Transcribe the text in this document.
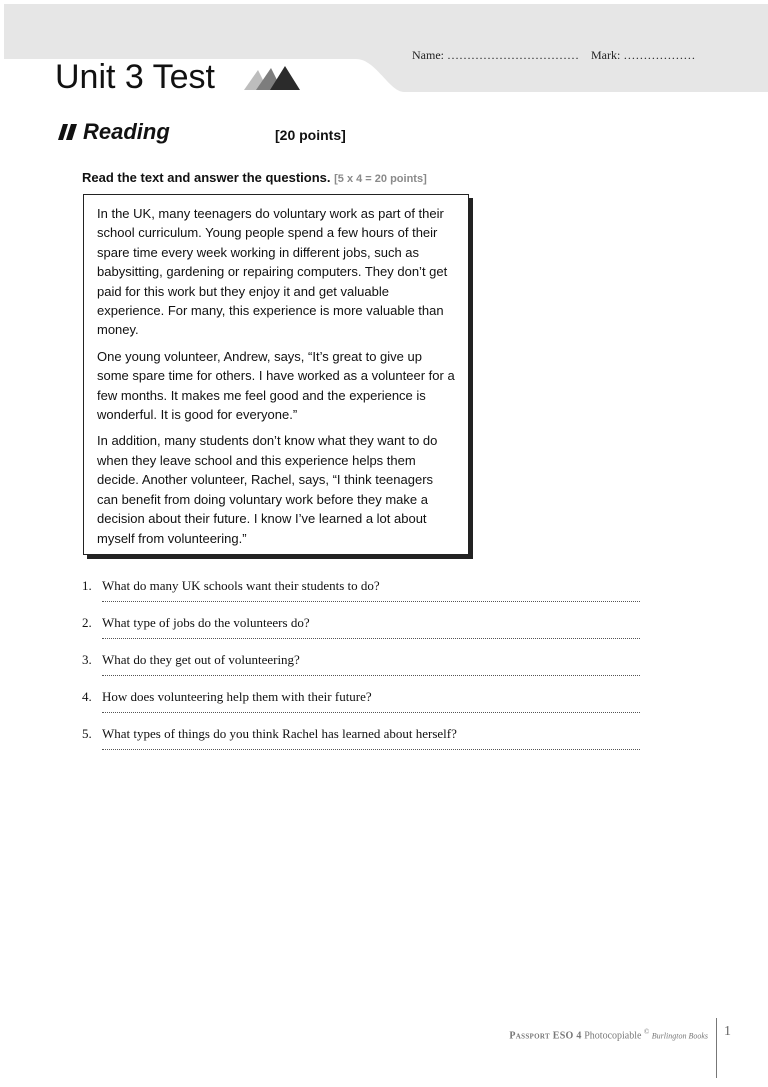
Name: …………………………… Mark: ………………
Unit 3 Test
Reading	[20 points]
Read the text and answer the questions. [5 x 4 = 20 points]

In the UK, many teenagers do voluntary work as part of their school curriculum. Young people spend a few hours of their spare time every week working in different jobs, such as babysitting, gardening or repairing computers. They don’t get paid for this work but they enjoy it and get valuable experience. For many, this experience is more valuable than money.

One young volunteer, Andrew, says, “It’s great to give up some spare time for others. I have worked as a volunteer for a few months. It makes me feel good and the experience is wonderful. It is good for everyone.”

In addition, many students don’t know what they want to do when they leave school and this experience helps them decide. Another volunteer, Rachel, says, “I think teenagers can benefit from doing voluntary work before they make a decision about their future. I know I’ve learned a lot about myself from volunteering.”

1. What do many UK schools want their students to do?
2. What type of jobs do the volunteers do?
3. What do they get out of volunteering?
4. How does volunteering help them with their future?
5. What types of things do you think Rachel has learned about herself?
Passport ESO 4 Photocopiable © Burlington Books 1
